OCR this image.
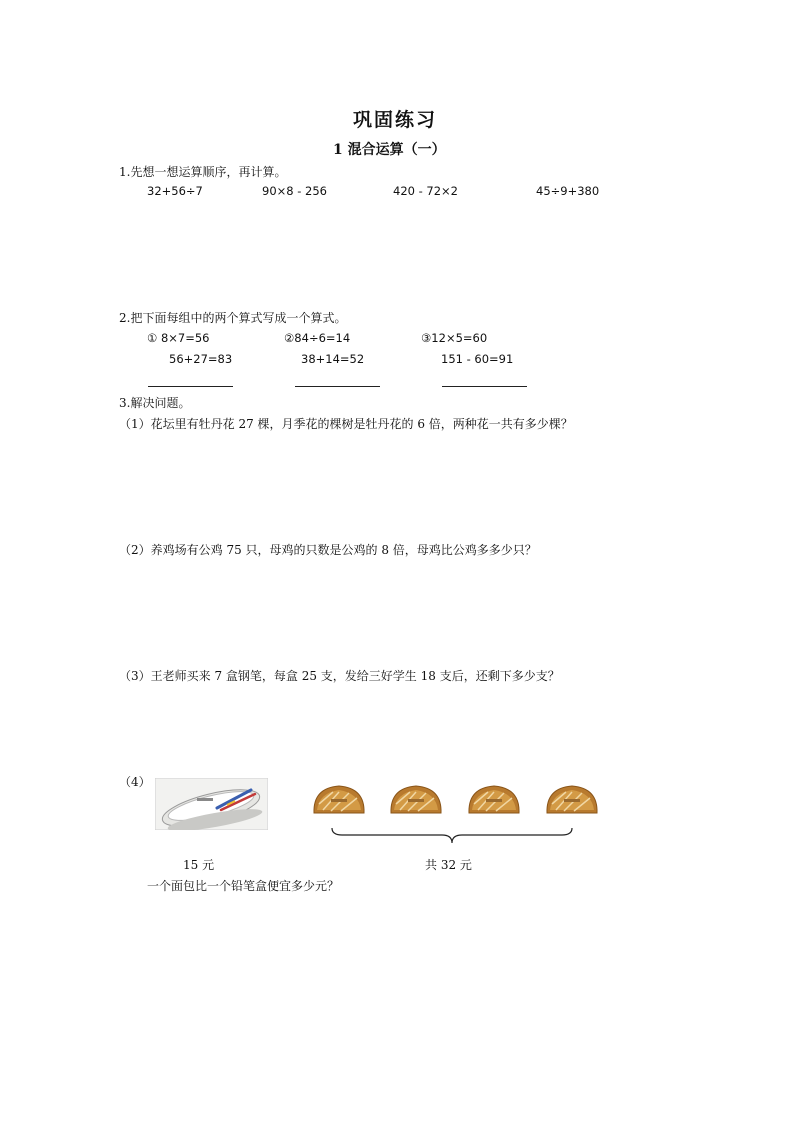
巩固练习
1 混合运算（一）
1.先想一想运算顺序，再计算。
32+56÷7	90×8 - 256	420 - 72×2	45÷9+380
2.把下面每组中的两个算式写成一个算式。
① 8×7=56
56+27=83
②84÷6=14
38+14=52
③12×5=60
151 - 60=91
3.解决问题。
（1）花坛里有牡丹花 27 棵，月季花的棵树是牡丹花的 6 倍，两种花一共有多少棵？
（2）养鸡场有公鸡 75 只，母鸡的只数是公鸡的 8 倍，母鸡比公鸡多多少只？
（3）王老师买来 7 盒钢笔，每盒 25 支，发给三好学生 18 支后，还剩下多少支？
（4）
15 元	共 32 元
一个面包比一个铅笔盒便宜多少元？
